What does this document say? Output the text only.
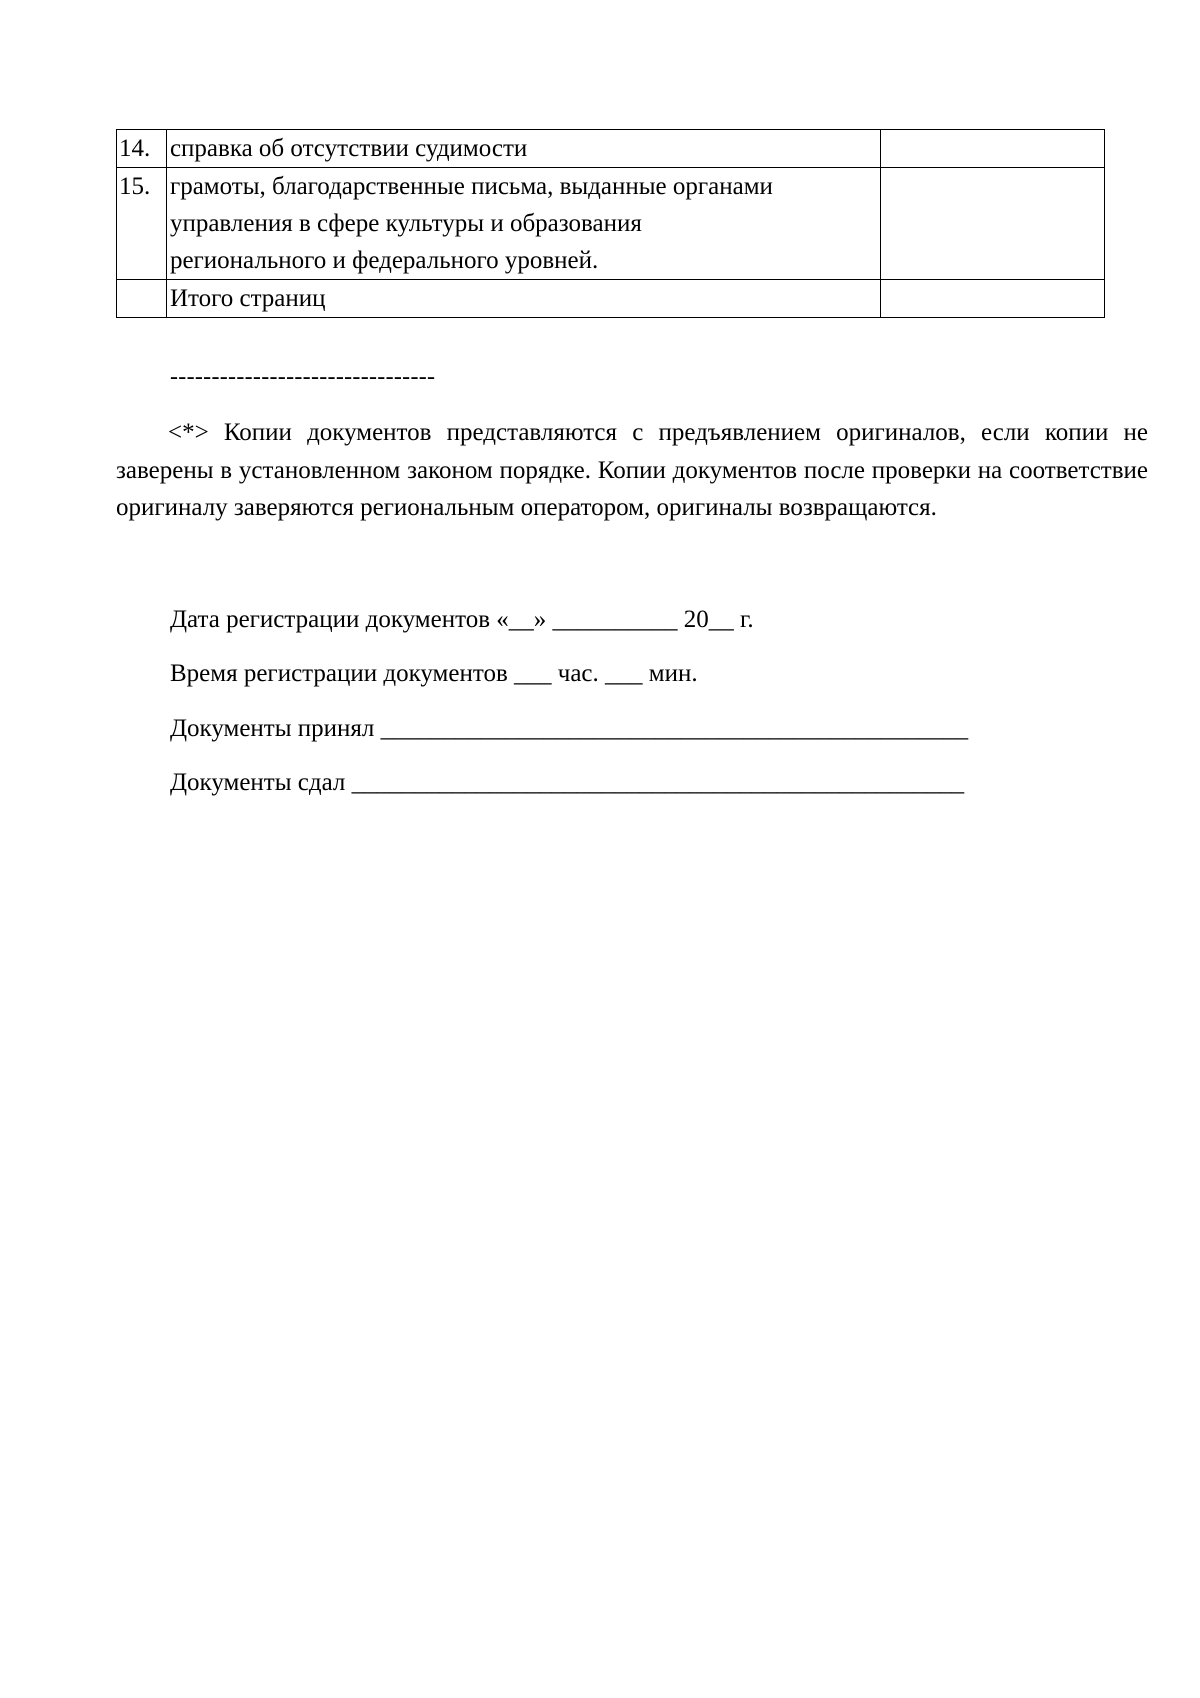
14.	справка об отсутствии судимости	
15.	грамоты, благодарственные письма, выданные органами
управления в сфере культуры и образования
регионального и федерального уровней.	

	Итого страниц	
--------------------------------

<*> Копии документов представляются с предъявлением оригиналов, если копии не заверены в установленном законом порядке. Копии документов после проверки на соответствие оригиналу заверяются региональным оператором, оригиналы возвращаются.

Дата регистрации документов «__» __________ 20__ г.

Время регистрации документов ___ час. ___ мин.

Документы принял _______________________________________________

Документы сдал _________________________________________________
